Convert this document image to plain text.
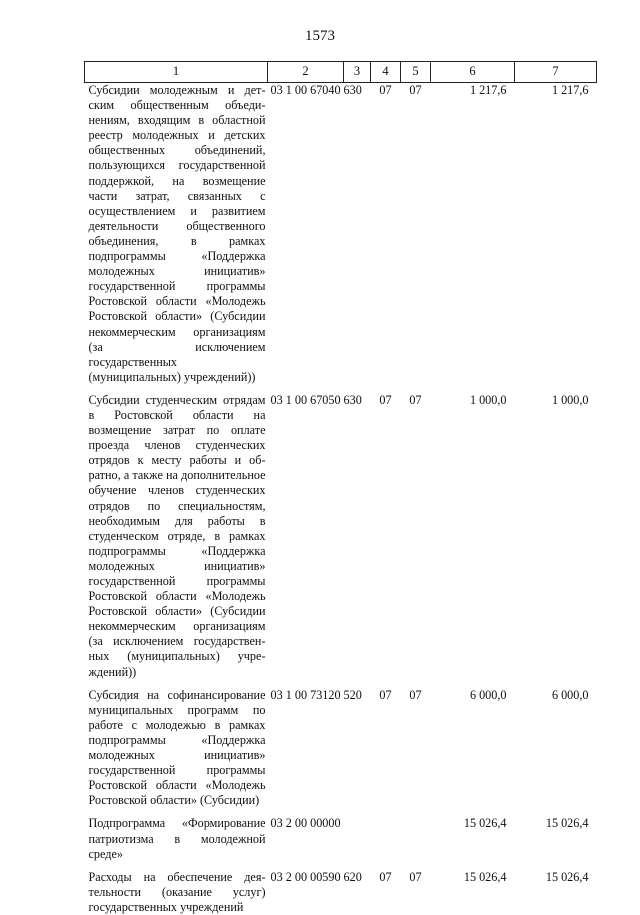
1573
1	2	3	4	5	6	7
Субсидии молодежным и детским общественным объединениям, входящим в областной реестр молодежных и детских общественных объединений, пользующихся государственной поддержкой, на возмещение части затрат, связанных с осуществлением и развитием деятельности общественного объединения, в рамках подпрограммы «Поддержка молодежных инициатив» государственной программы Ростовской области «Молодежь Ростовской области» (Субсидии некоммерческим организациям (за исключением государственных (муниципальных) учреждений))	03 1 00 67040	630	07	07	1 217,6	1 217,6
Субсидии студенческим отрядам в Ростовской области на возмещение затрат по оплате проезда членов студенческих отрядов к месту работы и обратно, а также на дополнительное обучение членов студенческих отрядов по специальностям, необходимым для работы в студенческом отряде, в рамках подпрограммы «Поддержка молодежных инициатив» государственной программы Ростовской области «Молодежь Ростовской области» (Субсидии некоммерческим организациям (за исключением государственных (муниципальных) учреждений))	03 1 00 67050	630	07	07	1 000,0	1 000,0
Субсидия на софинансирование муниципальных программ по работе с молодежью в рамках подпрограммы «Поддержка молодежных инициатив» государственной программы Ростовской области «Молодежь Ростовской области» (Субсидии)	03 1 00 73120	520	07	07	6 000,0	6 000,0
Подпрограмма «Формирование патриотизма в молодежной среде»	03 2 00 00000				15 026,4	15 026,4
Расходы на обеспечение деятельности (оказание услуг) государственных учреждений	03 2 00 00590	620	07	07	15 026,4	15 026,4
